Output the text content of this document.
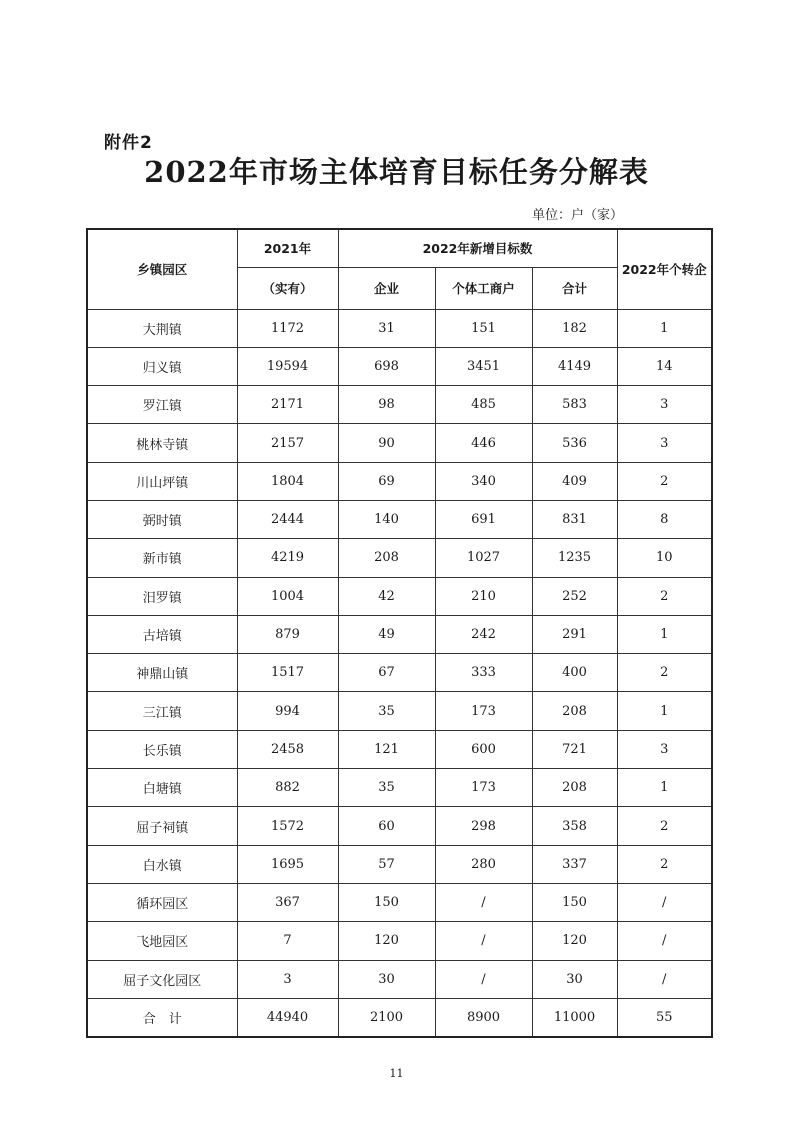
附件2
2022年市场主体培育目标任务分解表
单位：户（家）
乡镇园区	2021年	2022年新增目标数			2022年个转企
	（实有）	企业	个体工商户	合计	
大荆镇	1172	31	151	182	1
归义镇	19594	698	3451	4149	14
罗江镇	2171	98	485	583	3
桃林寺镇	2157	90	446	536	3
川山坪镇	1804	69	340	409	2
弼时镇	2444	140	691	831	8
新市镇	4219	208	1027	1235	10
汨罗镇	1004	42	210	252	2
古培镇	879	49	242	291	1
神鼎山镇	1517	67	333	400	2
三江镇	994	35	173	208	1
长乐镇	2458	121	600	721	3
白塘镇	882	35	173	208	1
屈子祠镇	1572	60	298	358	2
白水镇	1695	57	280	337	2
循环园区	367	150	/	150	/
飞地园区	7	120	/	120	/
屈子文化园区	3	30	/	30	/
合　计	44940	2100	8900	11000	55
11
